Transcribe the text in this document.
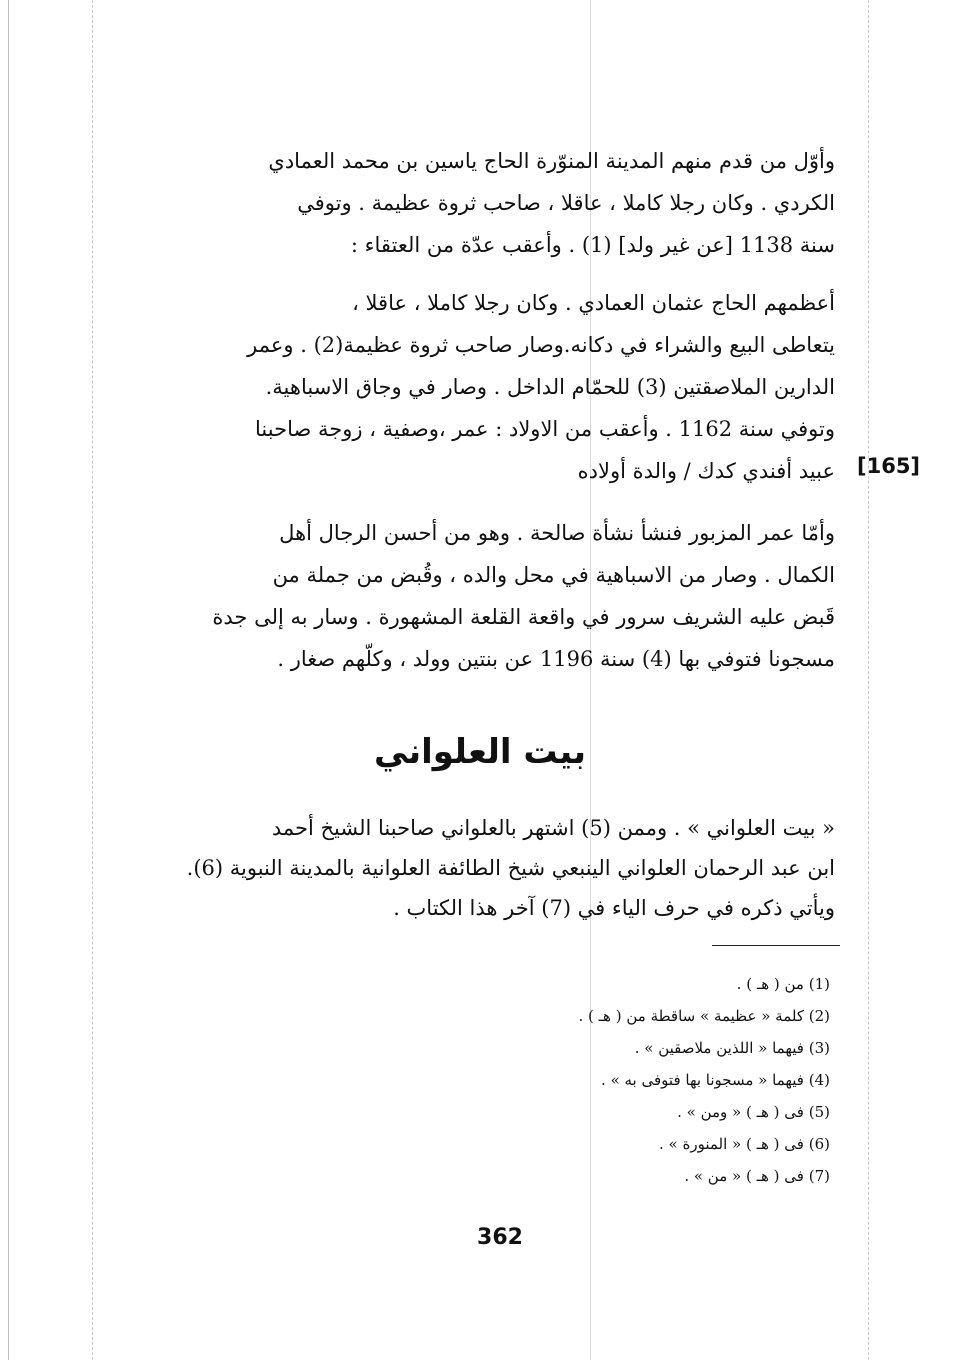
وأوّل من قدم منهم المدينة المنوّرة الحاج ياسين بن محمد العمادي
الكردي . وكان رجلا كاملا ، عاقلا ، صاحب ثروة عظيمة . وتوفي
سنة 1138 [عن غير ولد] (1) . وأعقب عدّة من العتقاء :
أعظمهم الحاج عثمان العمادي . وكان رجلا كاملا ، عاقلا ،
يتعاطى البيع والشراء في دكانه.وصار صاحب ثروة عظيمة(2) . وعمر
الدارين الملاصقتين (3) للحمّام الداخل . وصار في وجاق الاسباهية.
وتوفي سنة 1162 . وأعقب من الاولاد : عمر ،وصفية ، زوجة صاحبنا
عبيد أفندي كدك / والدة أولاده [165]
وأمّا عمر المزبور فنشأ نشأة صالحة . وهو من أحسن الرجال أهل
الكمال . وصار من الاسباهية في محل والده ، وقُبض من جملة من
قَبض عليه الشريف سرور في واقعة القلعة المشهورة . وسار به إلى جدة
مسجونا فتوفي بها (4) سنة 1196 عن بنتين وولد ، وكلّهم صغار .
بيت العلواني
« بيت العلواني » . وممن (5) اشتهر بالعلواني صاحبنا الشيخ أحمد
ابن عبد الرحمان العلواني الينبعي شيخ الطائفة العلوانية بالمدينة النبوية (6).
ويأتي ذكره في حرف الياء في (7) آخر هذا الكتاب .
(1) من ( هـ ) .
(2) كلمة « عظيمة » ساقطة من ( هـ ) .
(3) فيهما « اللذين ملاصقين » .
(4) فيهما « مسجونا بها فتوفى به » .
(5) فى ( هـ ) « ومن » .
(6) فى ( هـ ) « المنورة » .
(7) فى ( هـ ) « من » .
362
